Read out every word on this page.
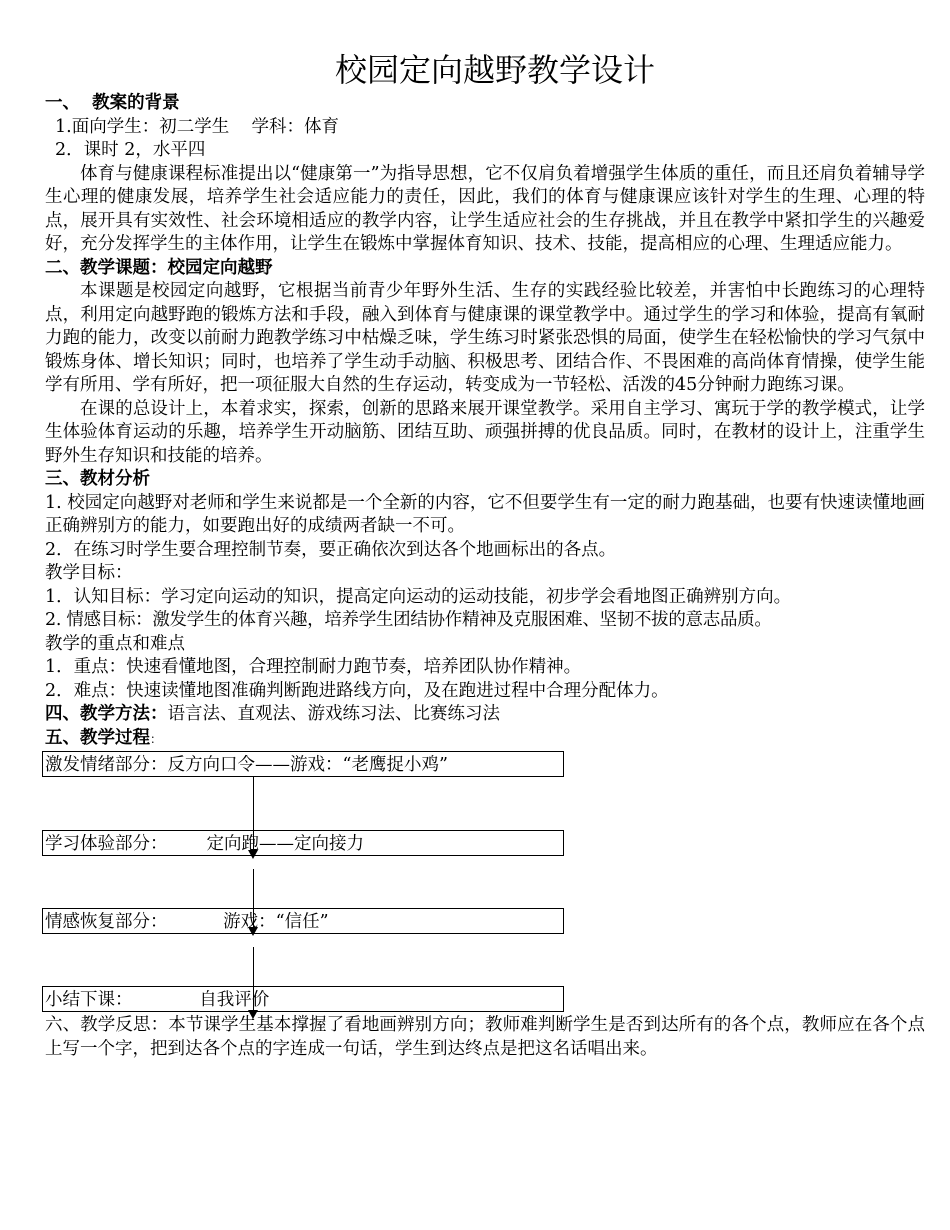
校园定向越野教学设计

一、  教案的背景

1.面向学生：初二学生    学科：体育

2．课时 2，水平四

体育与健康课程标准提出以“健康第一”为指导思想，它不仅肩负着增强学生体质的重任，而且还肩负着辅导学生心理的健康发展，培养学生社会适应能力的责任，因此，我们的体育与健康课应该针对学生的生理、心理的特点，展开具有实效性、社会环境相适应的教学内容，让学生适应社会的生存挑战，并且在教学中紧扣学生的兴趣爱好，充分发挥学生的主体作用，让学生在锻炼中掌握体育知识、技术、技能，提高相应的心理、生理适应能力。

二、教学课题：校园定向越野

本课题是校园定向越野，它根据当前青少年野外生活、生存的实践经验比较差，并害怕中长跑练习的心理特点，利用定向越野跑的锻炼方法和手段，融入到体育与健康课的课堂教学中。通过学生的学习和体验，提高有氧耐力跑的能力，改变以前耐力跑教学练习中枯燥乏味，学生练习时紧张恐惧的局面，使学生在轻松愉快的学习气氛中锻炼身体、增长知识；同时，也培养了学生动手动脑、积极思考、团结合作、不畏困难的高尚体育情操，使学生能学有所用、学有所好，把一项征服大自然的生存运动，转变成为一节轻松、活泼的45分钟耐力跑练习课。

在课的总设计上，本着求实，探索，创新的思路来展开课堂教学。采用自主学习、寓玩于学的教学模式，让学生体验体育运动的乐趣，培养学生开动脑筋、团结互助、顽强拼搏的优良品质。同时，在教材的设计上，注重学生野外生存知识和技能的培养。

三、教材分析

1. 校园定向越野对老师和学生来说都是一个全新的内容，它不但要学生有一定的耐力跑基础，也要有快速读懂地画正确辨别方的能力，如要跑出好的成绩两者缺一不可。

2．在练习时学生要合理控制节奏，要正确依次到达各个地画标出的各点。

教学目标：

1．认知目标：学习定向运动的知识，提高定向运动的运动技能，初步学会看地图正确辨别方向。

2. 情感目标：激发学生的体育兴趣，培养学生团结协作精神及克服困难、坚韧不拔的意志品质。

教学的重点和难点

1．重点：快速看懂地图，合理控制耐力跑节奏，培养团队协作精神。

2．难点：快速读懂地图准确判断跑进路线方向，及在跑进过程中合理分配体力。

四、教学方法：语言法、直观法、游戏练习法、比赛练习法

五、教学过程：

激发情绪部分：反方向口令——游戏：“老鹰捉小鸡”
学习体验部分：       定向跑——定向接力
情感恢复部分：          游戏：“信任”
小结下课：            自我评价

六、教学反思：本节课学生基本撑握了看地画辨别方向；教师难判断学生是否到达所有的各个点，教师应在各个点上写一个字，把到达各个点的字连成一句话，学生到达终点是把这名话唱出来。
